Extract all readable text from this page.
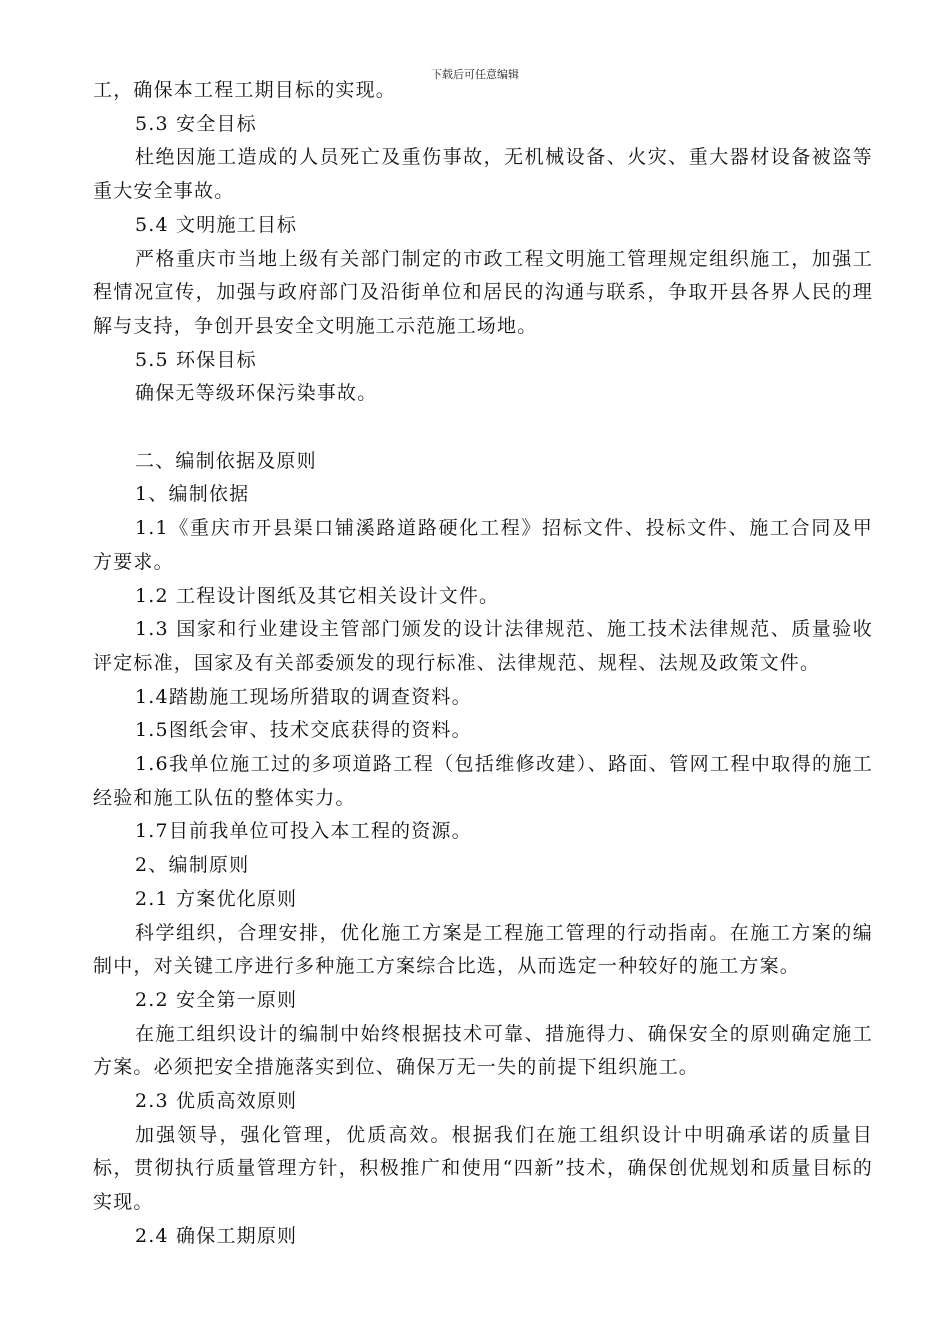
下载后可任意编辑

工，确保本工程工期目标的实现。

5.3 安全目标

杜绝因施工造成的人员死亡及重伤事故，无机械设备、火灾、重大器材设备被盗等重大安全事故。

5.4 文明施工目标

严格重庆市当地上级有关部门制定的市政工程文明施工管理规定组织施工，加强工程情况宣传，加强与政府部门及沿街单位和居民的沟通与联系，争取开县各界人民的理解与支持，争创开县安全文明施工示范施工场地。

5.5 环保目标

确保无等级环保污染事故。

二、编制依据及原则

1、编制依据

1.1《重庆市开县渠口铺溪路道路硬化工程》招标文件、投标文件、施工合同及甲方要求。

1.2 工程设计图纸及其它相关设计文件。

1.3 国家和行业建设主管部门颁发的设计法律规范、施工技术法律规范、质量验收评定标准，国家及有关部委颁发的现行标准、法律规范、规程、法规及政策文件。

1.4踏勘施工现场所猎取的调查资料。

1.5图纸会审、技术交底获得的资料。

1.6我单位施工过的多项道路工程（包括维修改建）、路面、管网工程中取得的施工经验和施工队伍的整体实力。

1.7目前我单位可投入本工程的资源。

2、编制原则

2.1 方案优化原则

科学组织，合理安排，优化施工方案是工程施工管理的行动指南。在施工方案的编制中，对关键工序进行多种施工方案综合比选，从而选定一种较好的施工方案。

2.2 安全第一原则

在施工组织设计的编制中始终根据技术可靠、措施得力、确保安全的原则确定施工方案。必须把安全措施落实到位、确保万无一失的前提下组织施工。

2.3 优质高效原则

加强领导，强化管理，优质高效。根据我们在施工组织设计中明确承诺的质量目标，贯彻执行质量管理方针，积极推广和使用“四新”技术，确保创优规划和质量目标的实现。

2.4 确保工期原则
